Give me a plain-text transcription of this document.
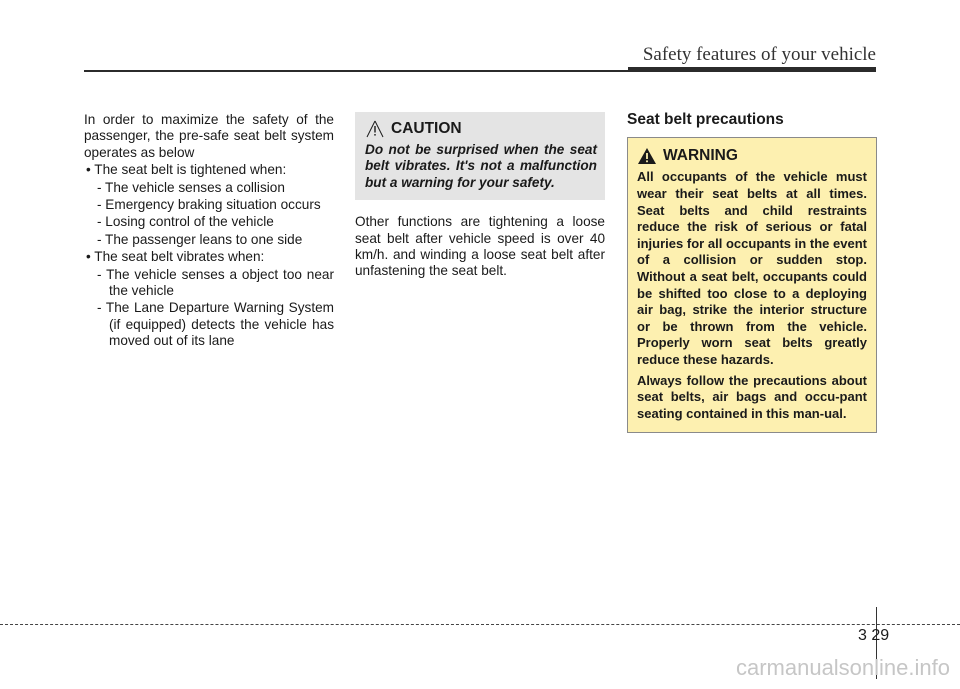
Safety features of your vehicle

In order to maximize the safety of the passenger, the pre-safe seat belt system operates as below

• The seat belt is tightened when:

- The vehicle senses a collision

- Emergency braking situation occurs

- Losing control of the vehicle

- The passenger leans to one side

• The seat belt vibrates when:

- The vehicle senses a object too near the vehicle

- The Lane Departure Warning System (if equipped) detects the vehicle has moved out of its lane

CAUTION

Do not be surprised when the seat belt vibrates. It's not a malfunction but a warning for your safety.

Other functions are tightening a loose seat belt after vehicle speed is over 40 km/h. and winding a loose seat belt after unfastening the seat belt.

Seat belt precautions

WARNING

All occupants of the vehicle must wear their seat belts at all times. Seat belts and child restraints reduce the risk of serious or fatal injuries for all occupants in the event of a collision or sudden stop. Without a seat belt, occupants could be shifted too close to a deploying air bag, strike the interior structure or be thrown from the vehicle. Properly worn seat belts greatly reduce these hazards.

Always follow the precautions about seat belts, air bags and occu-pant seating contained in this man-ual.

3 29
carmanualsonline.info
